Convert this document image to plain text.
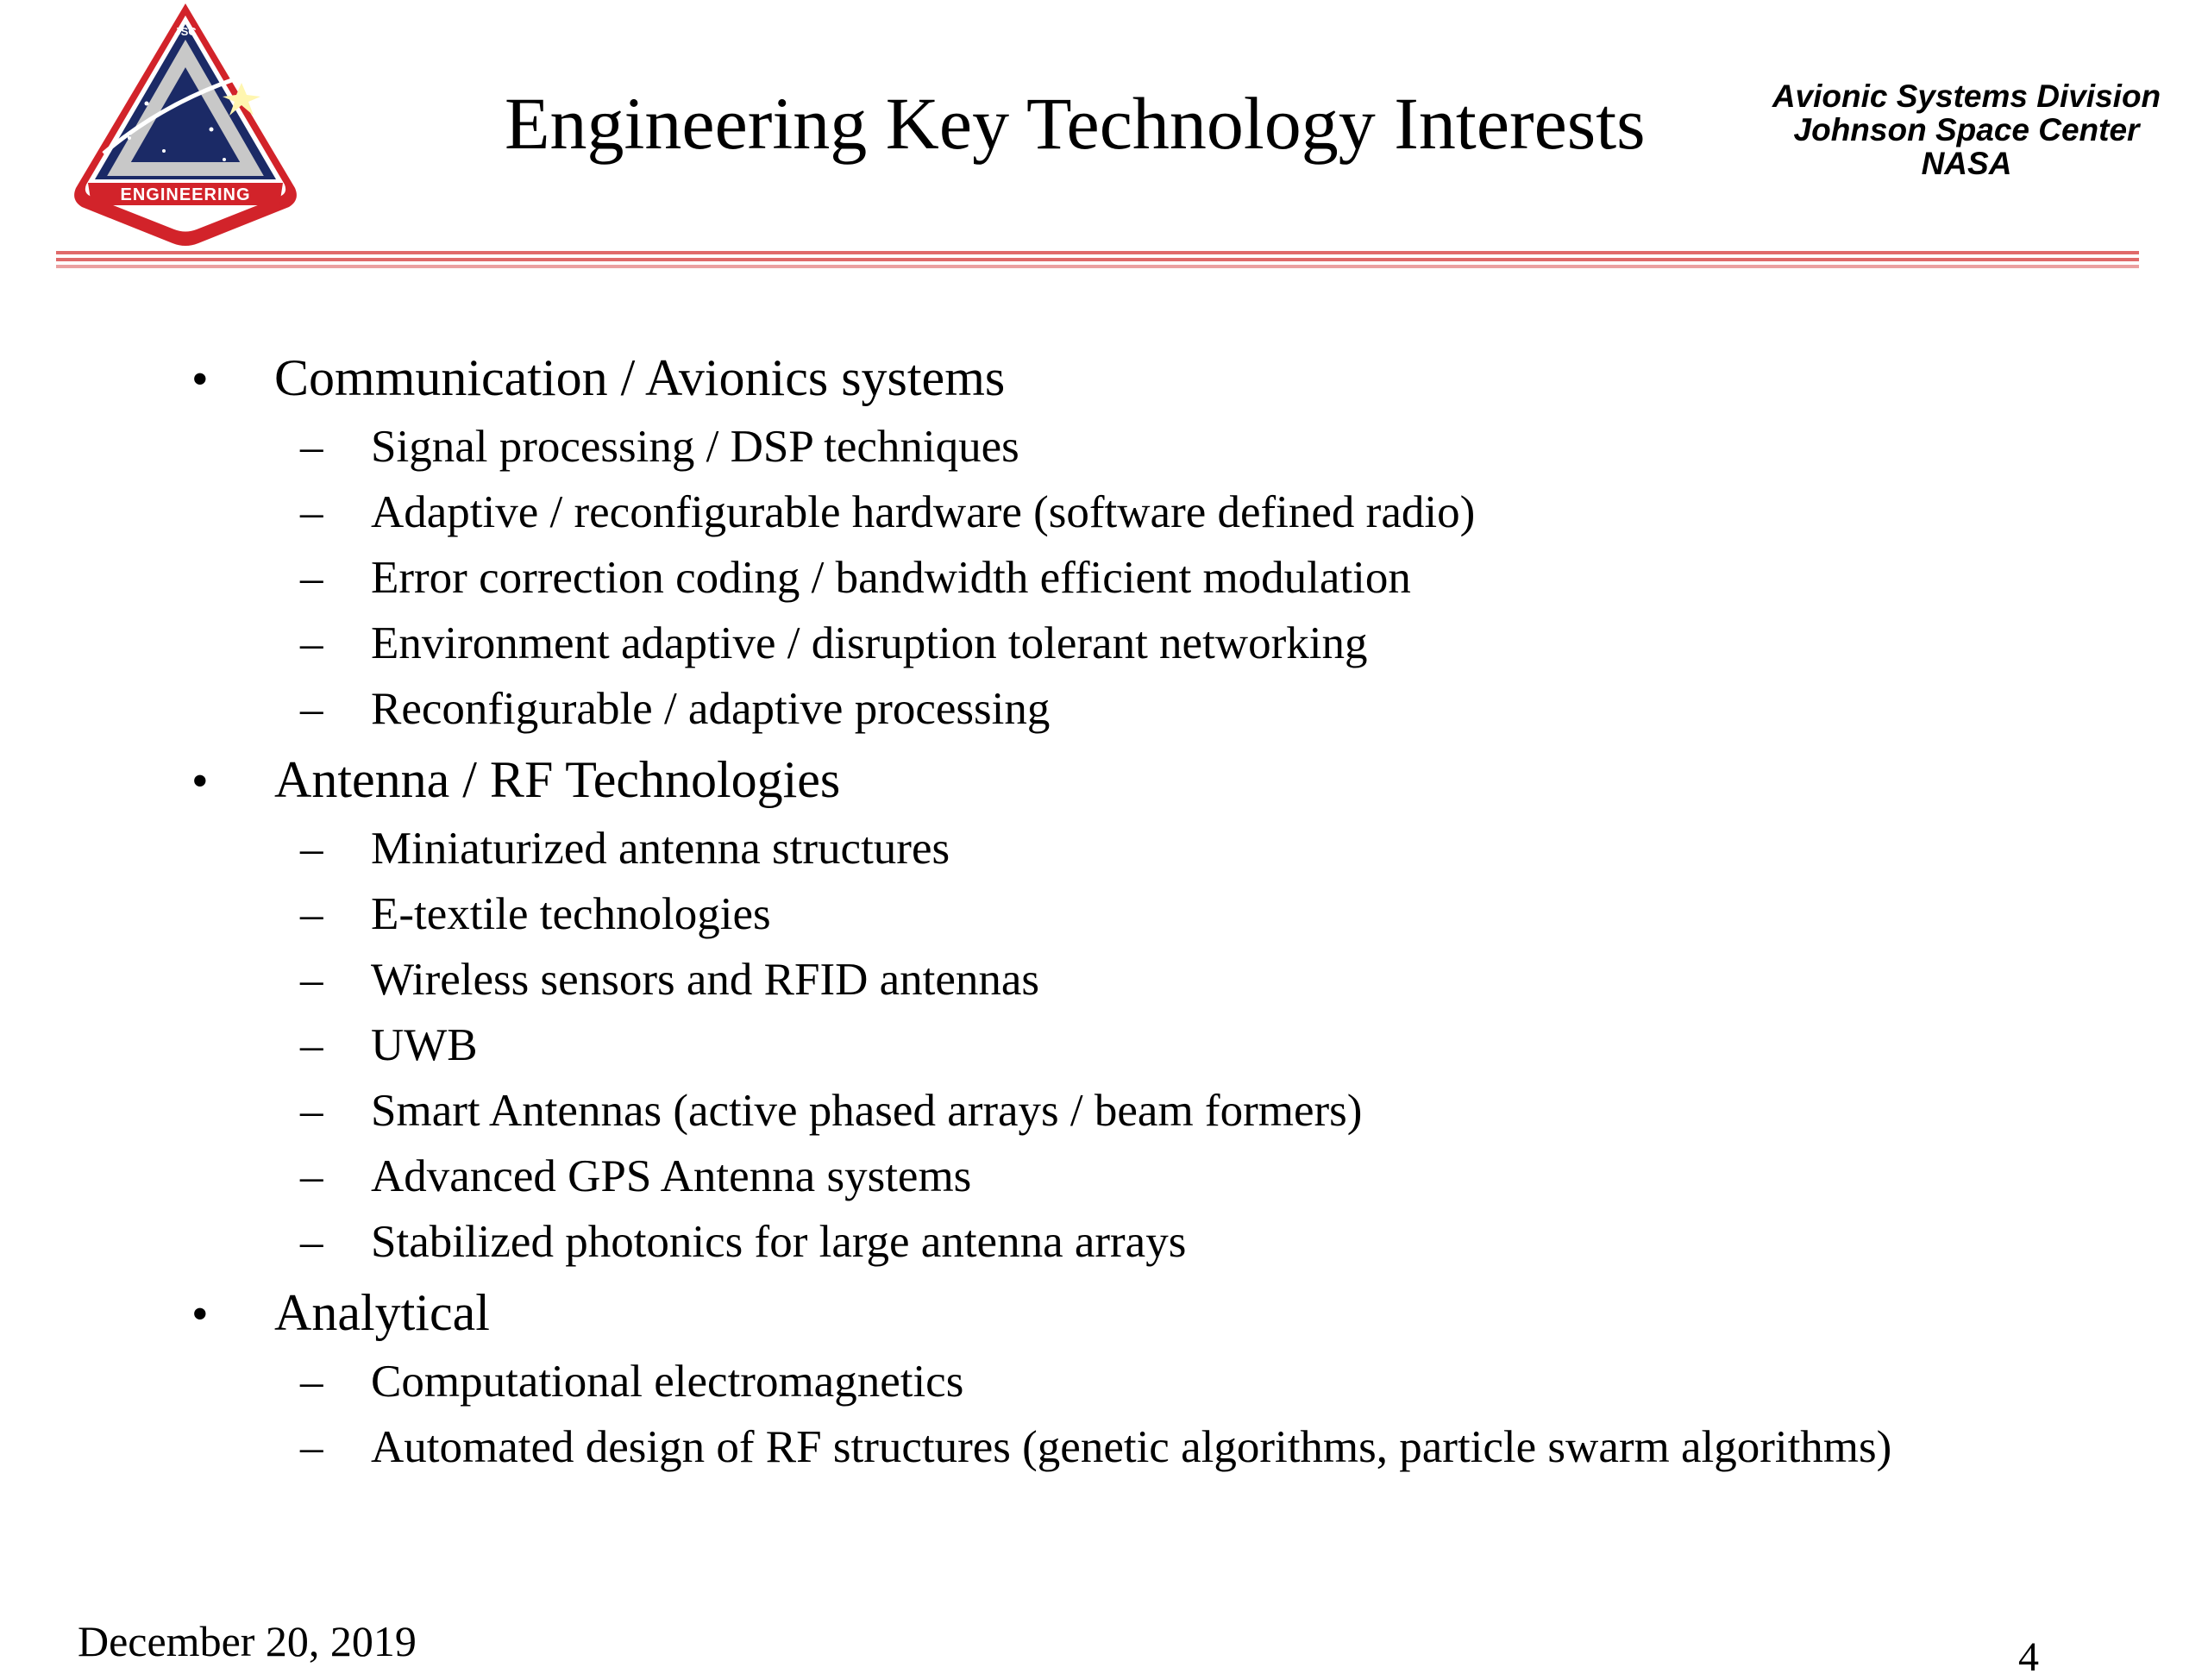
ENGINEERING
NASA
JSC
Engineering Key Technology Interests	Avionic Systems Division
Johnson Space Center
NASA
• Communication / Avionics systems
– Signal processing / DSP techniques
– Adaptive / reconfigurable hardware (software defined radio)
– Error correction coding / bandwidth efficient modulation
– Environment adaptive / disruption tolerant networking
– Reconfigurable / adaptive processing
• Antenna / RF Technologies
– Miniaturized antenna structures
– E-textile technologies
– Wireless sensors and RFID antennas
– UWB
– Smart Antennas (active phased arrays / beam formers)
– Advanced GPS Antenna systems
– Stabilized photonics for large antenna arrays
• Analytical
– Computational electromagnetics
– Automated design of RF structures (genetic algorithms, particle swarm algorithms)
December 20, 2019	4
